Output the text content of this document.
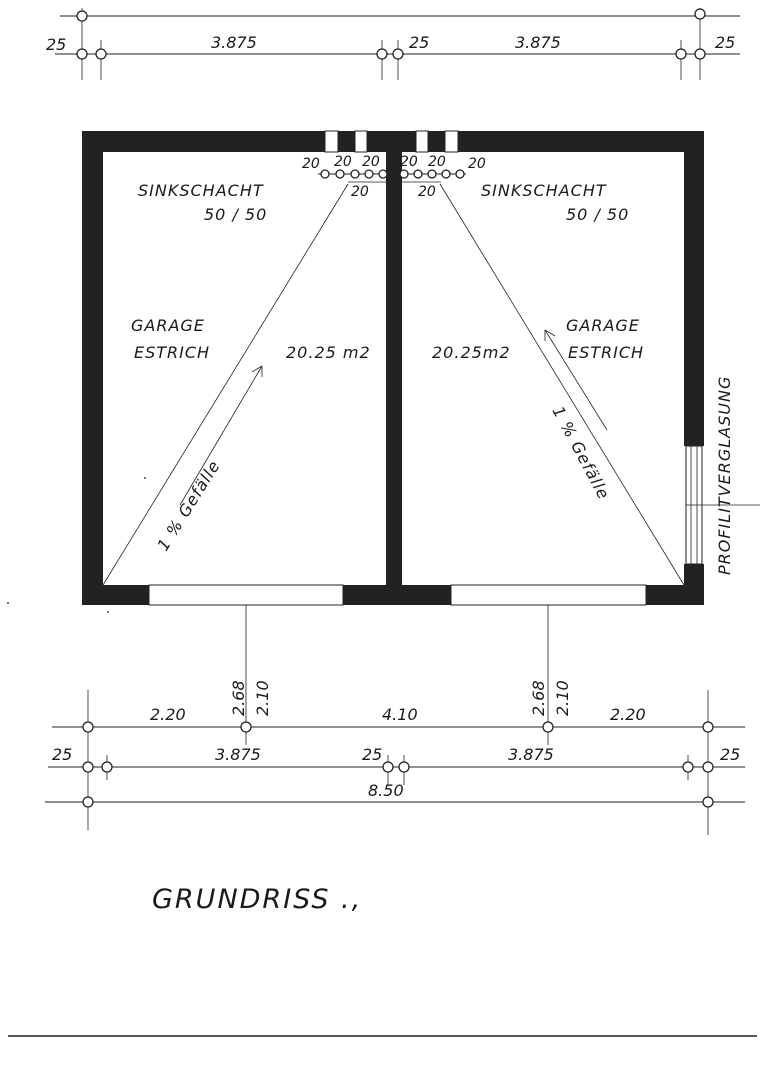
25	3.875	25	3.875	25
20 20 20
20
20 20
20
20
SINKSCHACHT
50 / 50
GARAGE
ESTRICH	20.25 m2
1 % Gefälle
SINKSCHACHT
50 / 50
GARAGE
ESTRICH
20.25m2
1 % Gefälle	PROFILITVERGLASUNG
2.20	2.68 2.10	4.10	2.68 2.10 2.20
25	3.875	25	3.875	25
8.50
GRUNDRISS .,
